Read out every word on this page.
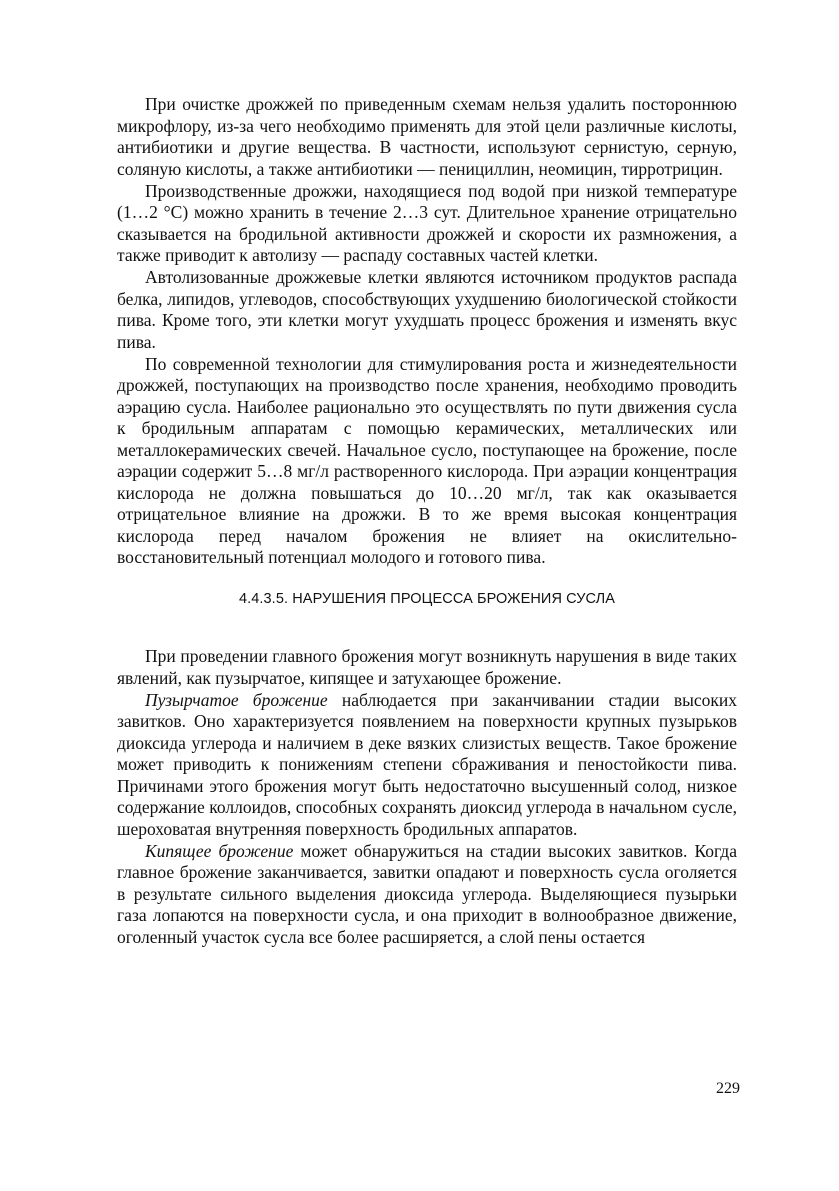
При очистке дрожжей по приведенным схемам нельзя удалить постороннюю микрофлору, из-за чего необходимо применять для этой цели различные кислоты, антибиотики и другие вещества. В частности, используют сернистую, серную, соляную кислоты, а также антибиотики — пенициллин, неомицин, тирротрицин.

Производственные дрожжи, находящиеся под водой при низкой температуре (1…2 °С) можно хранить в течение 2…3 сут. Длительное хранение отрицательно сказывается на бродильной активности дрожжей и скорости их размножения, а также приводит к автолизу — распаду составных частей клетки.

Автолизованные дрожжевые клетки являются источником продуктов распада белка, липидов, углеводов, способствующих ухудшению биологической стойкости пива. Кроме того, эти клетки могут ухудшать процесс брожения и изменять вкус пива.

По современной технологии для стимулирования роста и жизнедеятельности дрожжей, поступающих на производство после хранения, необходимо проводить аэрацию сусла. Наиболее рационально это осуществлять по пути движения сусла к бродильным аппаратам с помощью керамических, металлических или металлокерамических свечей. Начальное сусло, поступающее на брожение, после аэрации содержит 5…8 мг/л растворенного кислорода. При аэрации концентрация кислорода не должна повышаться до 10…20 мг/л, так как оказывается отрицательное влияние на дрожжи. В то же время высокая концентрация кислорода перед началом брожения не влияет на окислительно-восстановительный потенциал молодого и готового пива.

4.4.3.5. НАРУШЕНИЯ ПРОЦЕССА БРОЖЕНИЯ СУСЛА

При проведении главного брожения могут возникнуть нарушения в виде таких явлений, как пузырчатое, кипящее и затухающее брожение.

Пузырчатое брожение наблюдается при заканчивании стадии высоких завитков. Оно характеризуется появлением на поверхности крупных пузырьков диоксида углерода и наличием в деке вязких слизистых веществ. Такое брожение может приводить к понижениям степени сбраживания и пеностойкости пива. Причинами этого брожения могут быть недостаточно высушенный солод, низкое содержание коллоидов, способных сохранять диоксид углерода в начальном сусле, шероховатая внутренняя поверхность бродильных аппаратов.

Кипящее брожение может обнаружиться на стадии высоких завитков. Когда главное брожение заканчивается, завитки опадают и поверхность сусла оголяется в результате сильного выделения диоксида углерода. Выделяющиеся пузырьки газа лопаются на поверхности сусла, и она приходит в волнообразное движение, оголенный участок сусла все более расширяется, а слой пены остается

229
